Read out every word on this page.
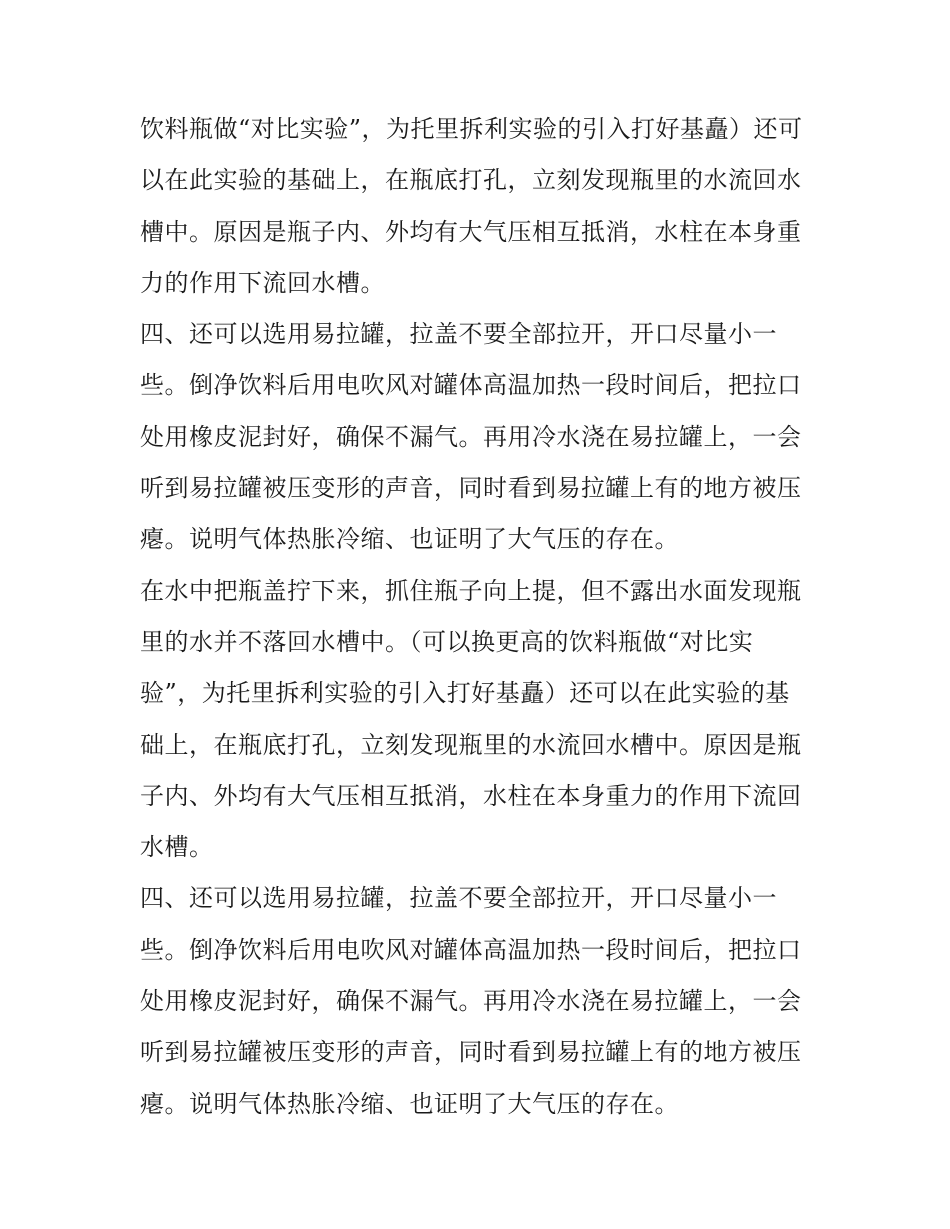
饮料瓶做“对比实验”，为托里拆利实验的引入打好基矗）还可
以在此实验的基础上，在瓶底打孔，立刻发现瓶里的水流回水
槽中。原因是瓶子内、外均有大气压相互抵消，水柱在本身重
力的作用下流回水槽。
四、还可以选用易拉罐，拉盖不要全部拉开，开口尽量小一
些。倒净饮料后用电吹风对罐体高温加热一段时间后，把拉口
处用橡皮泥封好，确保不漏气。再用冷水浇在易拉罐上，一会
听到易拉罐被压变形的声音，同时看到易拉罐上有的地方被压
瘪。说明气体热胀冷缩、也证明了大气压的存在。
在水中把瓶盖拧下来，抓住瓶子向上提，但不露出水面发现瓶
里的水并不落回水槽中。（可以换更高的饮料瓶做“对比实
验”，为托里拆利实验的引入打好基矗）还可以在此实验的基
础上，在瓶底打孔，立刻发现瓶里的水流回水槽中。原因是瓶
子内、外均有大气压相互抵消，水柱在本身重力的作用下流回
水槽。
四、还可以选用易拉罐，拉盖不要全部拉开，开口尽量小一
些。倒净饮料后用电吹风对罐体高温加热一段时间后，把拉口
处用橡皮泥封好，确保不漏气。再用冷水浇在易拉罐上，一会
听到易拉罐被压变形的声音，同时看到易拉罐上有的地方被压
瘪。说明气体热胀冷缩、也证明了大气压的存在。
